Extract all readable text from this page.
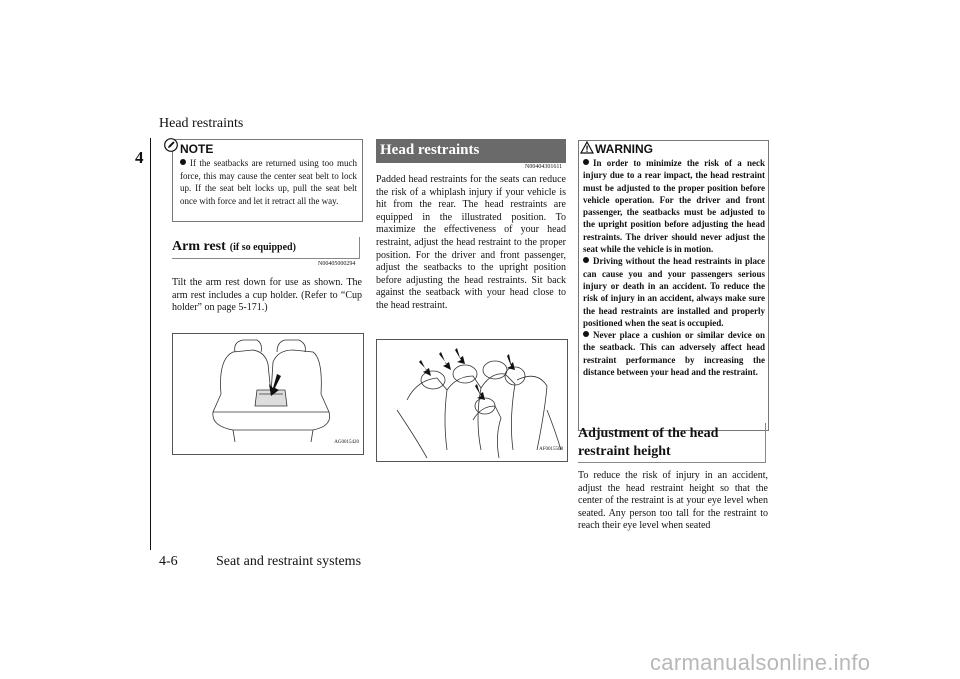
Head restraints
4	NOTE
If the seatbacks are returned using too much force, this may cause the center seat belt to lock up. If the seat belt locks up, pull the seat belt once with force and let it retract all the way.
Arm rest (if so equipped)
N00405000294
Tilt the arm rest down for use as shown. The arm rest includes a cup holder. (Refer to “Cup holder” on page 5-171.)
AG0015420
Head restraints
N00404301611
Padded head restraints for the seats can reduce the risk of a whiplash injury if your vehicle is hit from the rear. The head restraints are equipped in the illustrated position. To maximize the effectiveness of your head restraint, adjust the head restraint to the proper position. For the driver and front passenger, adjust the seatbacks to the upright position before adjusting the head restraints. Sit back against the seatback with your head close to the head restraint.
AF0015508
WARNING

In order to minimize the risk of a neck injury due to a rear impact, the head restraint must be adjusted to the proper position before vehicle operation. For the driver and front passenger, the seatbacks must be adjusted to the upright position before adjusting the head restraints. The driver should never adjust the seat while the vehicle is in motion.

Driving without the head restraints in place can cause you and your passengers serious injury or death in an accident. To reduce the risk of injury in an accident, always make sure the head restraints are installed and properly positioned when the seat is occupied.

Never place a cushion or similar device on the seatback. This can adversely affect head restraint performance by increasing the distance between your head and the restraint.

Adjustment of the head restraint height
To reduce the risk of injury in an accident, adjust the head restraint height so that the center of the restraint is at your eye level when seated. Any person too tall for the restraint to reach their eye level when seated
4-6	Seat and restraint systems
carmanualsonline.info
